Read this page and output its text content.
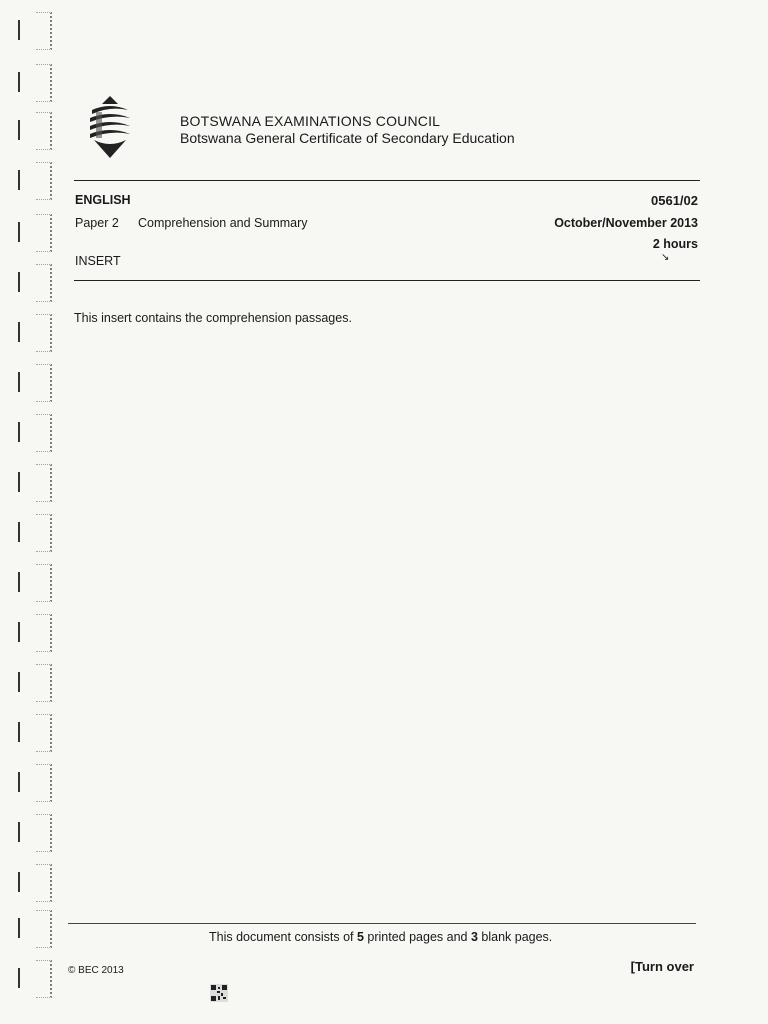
BOTSWANA EXAMINATIONS COUNCIL
Botswana General Certificate of Secondary Education
ENGLISH
Paper 2 Comprehension and Summary
INSERT
0561/02
October/November 2013
2 hours
↘
This insert contains the comprehension passages.
This document consists of 5 printed pages and 3 blank pages.
© BEC 2013	[Turn over
